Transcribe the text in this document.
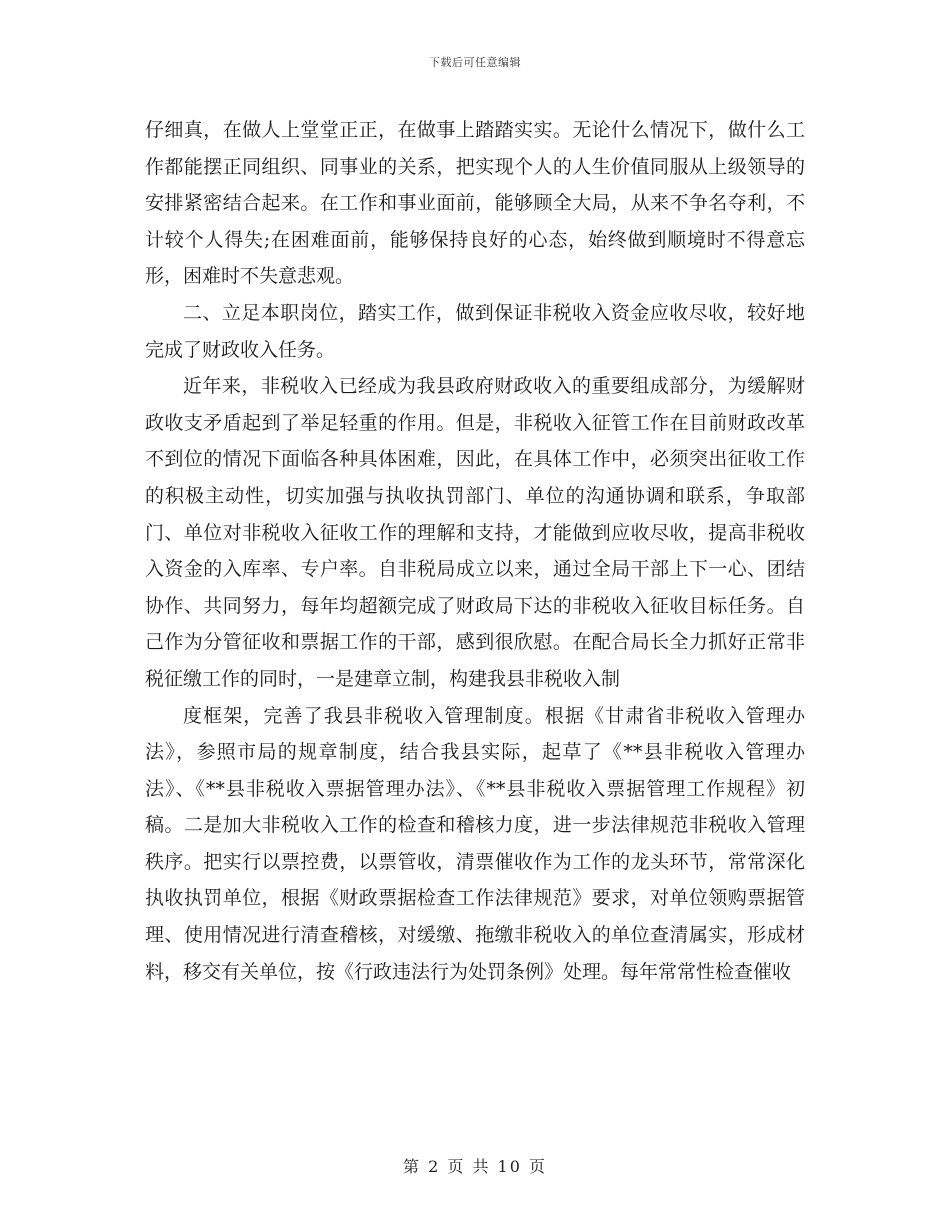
下载后可任意编辑

仔细真，在做人上堂堂正正，在做事上踏踏实实。无论什么情况下，做什么工作都能摆正同组织、同事业的关系，把实现个人的人生价值同服从上级领导的安排紧密结合起来。在工作和事业面前，能够顾全大局，从来不争名夺利，不计较个人得失;在困难面前，能够保持良好的心态，始终做到顺境时不得意忘形，困难时不失意悲观。

二、立足本职岗位，踏实工作，做到保证非税收入资金应收尽收，较好地完成了财政收入任务。

近年来，非税收入已经成为我县政府财政收入的重要组成部分，为缓解财政收支矛盾起到了举足轻重的作用。但是，非税收入征管工作在目前财政改革不到位的情况下面临各种具体困难，因此，在具体工作中，必须突出征收工作的积极主动性，切实加强与执收执罚部门、单位的沟通协调和联系，争取部门、单位对非税收入征收工作的理解和支持，才能做到应收尽收，提高非税收入资金的入库率、专户率。自非税局成立以来，通过全局干部上下一心、团结协作、共同努力，每年均超额完成了财政局下达的非税收入征收目标任务。自己作为分管征收和票据工作的干部，感到很欣慰。在配合局长全力抓好正常非税征缴工作的同时，一是建章立制，构建我县非税收入制

度框架，完善了我县非税收入管理制度。根据《甘肃省非税收入管理办法》，参照市局的规章制度，结合我县实际，起草了《**县非税收入管理办法》、《**县非税收入票据管理办法》、《**县非税收入票据管理工作规程》初稿。二是加大非税收入工作的检查和稽核力度，进一步法律规范非税收入管理秩序。把实行以票控费，以票管收，清票催收作为工作的龙头环节，常常深化执收执罚单位，根据《财政票据检查工作法律规范》要求，对单位领购票据管理、使用情况进行清查稽核，对缓缴、拖缴非税收入的单位查清属实，形成材料，移交有关单位，按《行政违法行为处罚条例》处理。每年常常性检查催收

第 2 页 共 10 页
